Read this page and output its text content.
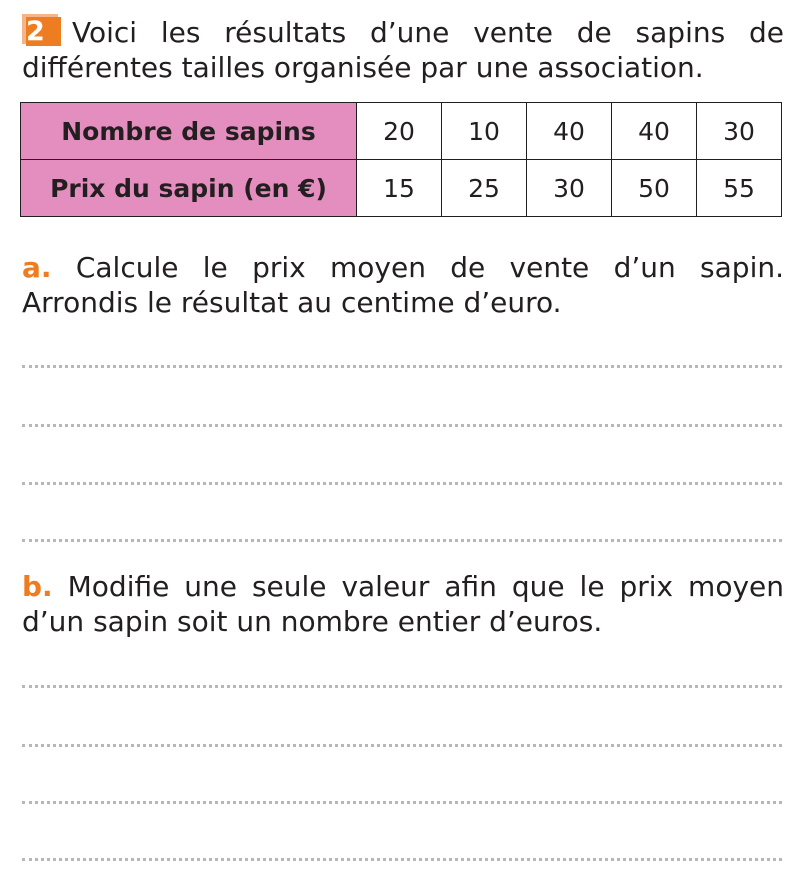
2 Voici les résultats d’une vente de sapins de différentes tailles organisée par une association.
Nombre de sapins	20	10	40	40	30
Prix du sapin (en €)	15	25	30	50	55
a. Calcule le prix moyen de vente d’un sapin. Arrondis le résultat au centime d’euro.
b. Modifie une seule valeur afin que le prix moyen d’un sapin soit un nombre entier d’euros.
